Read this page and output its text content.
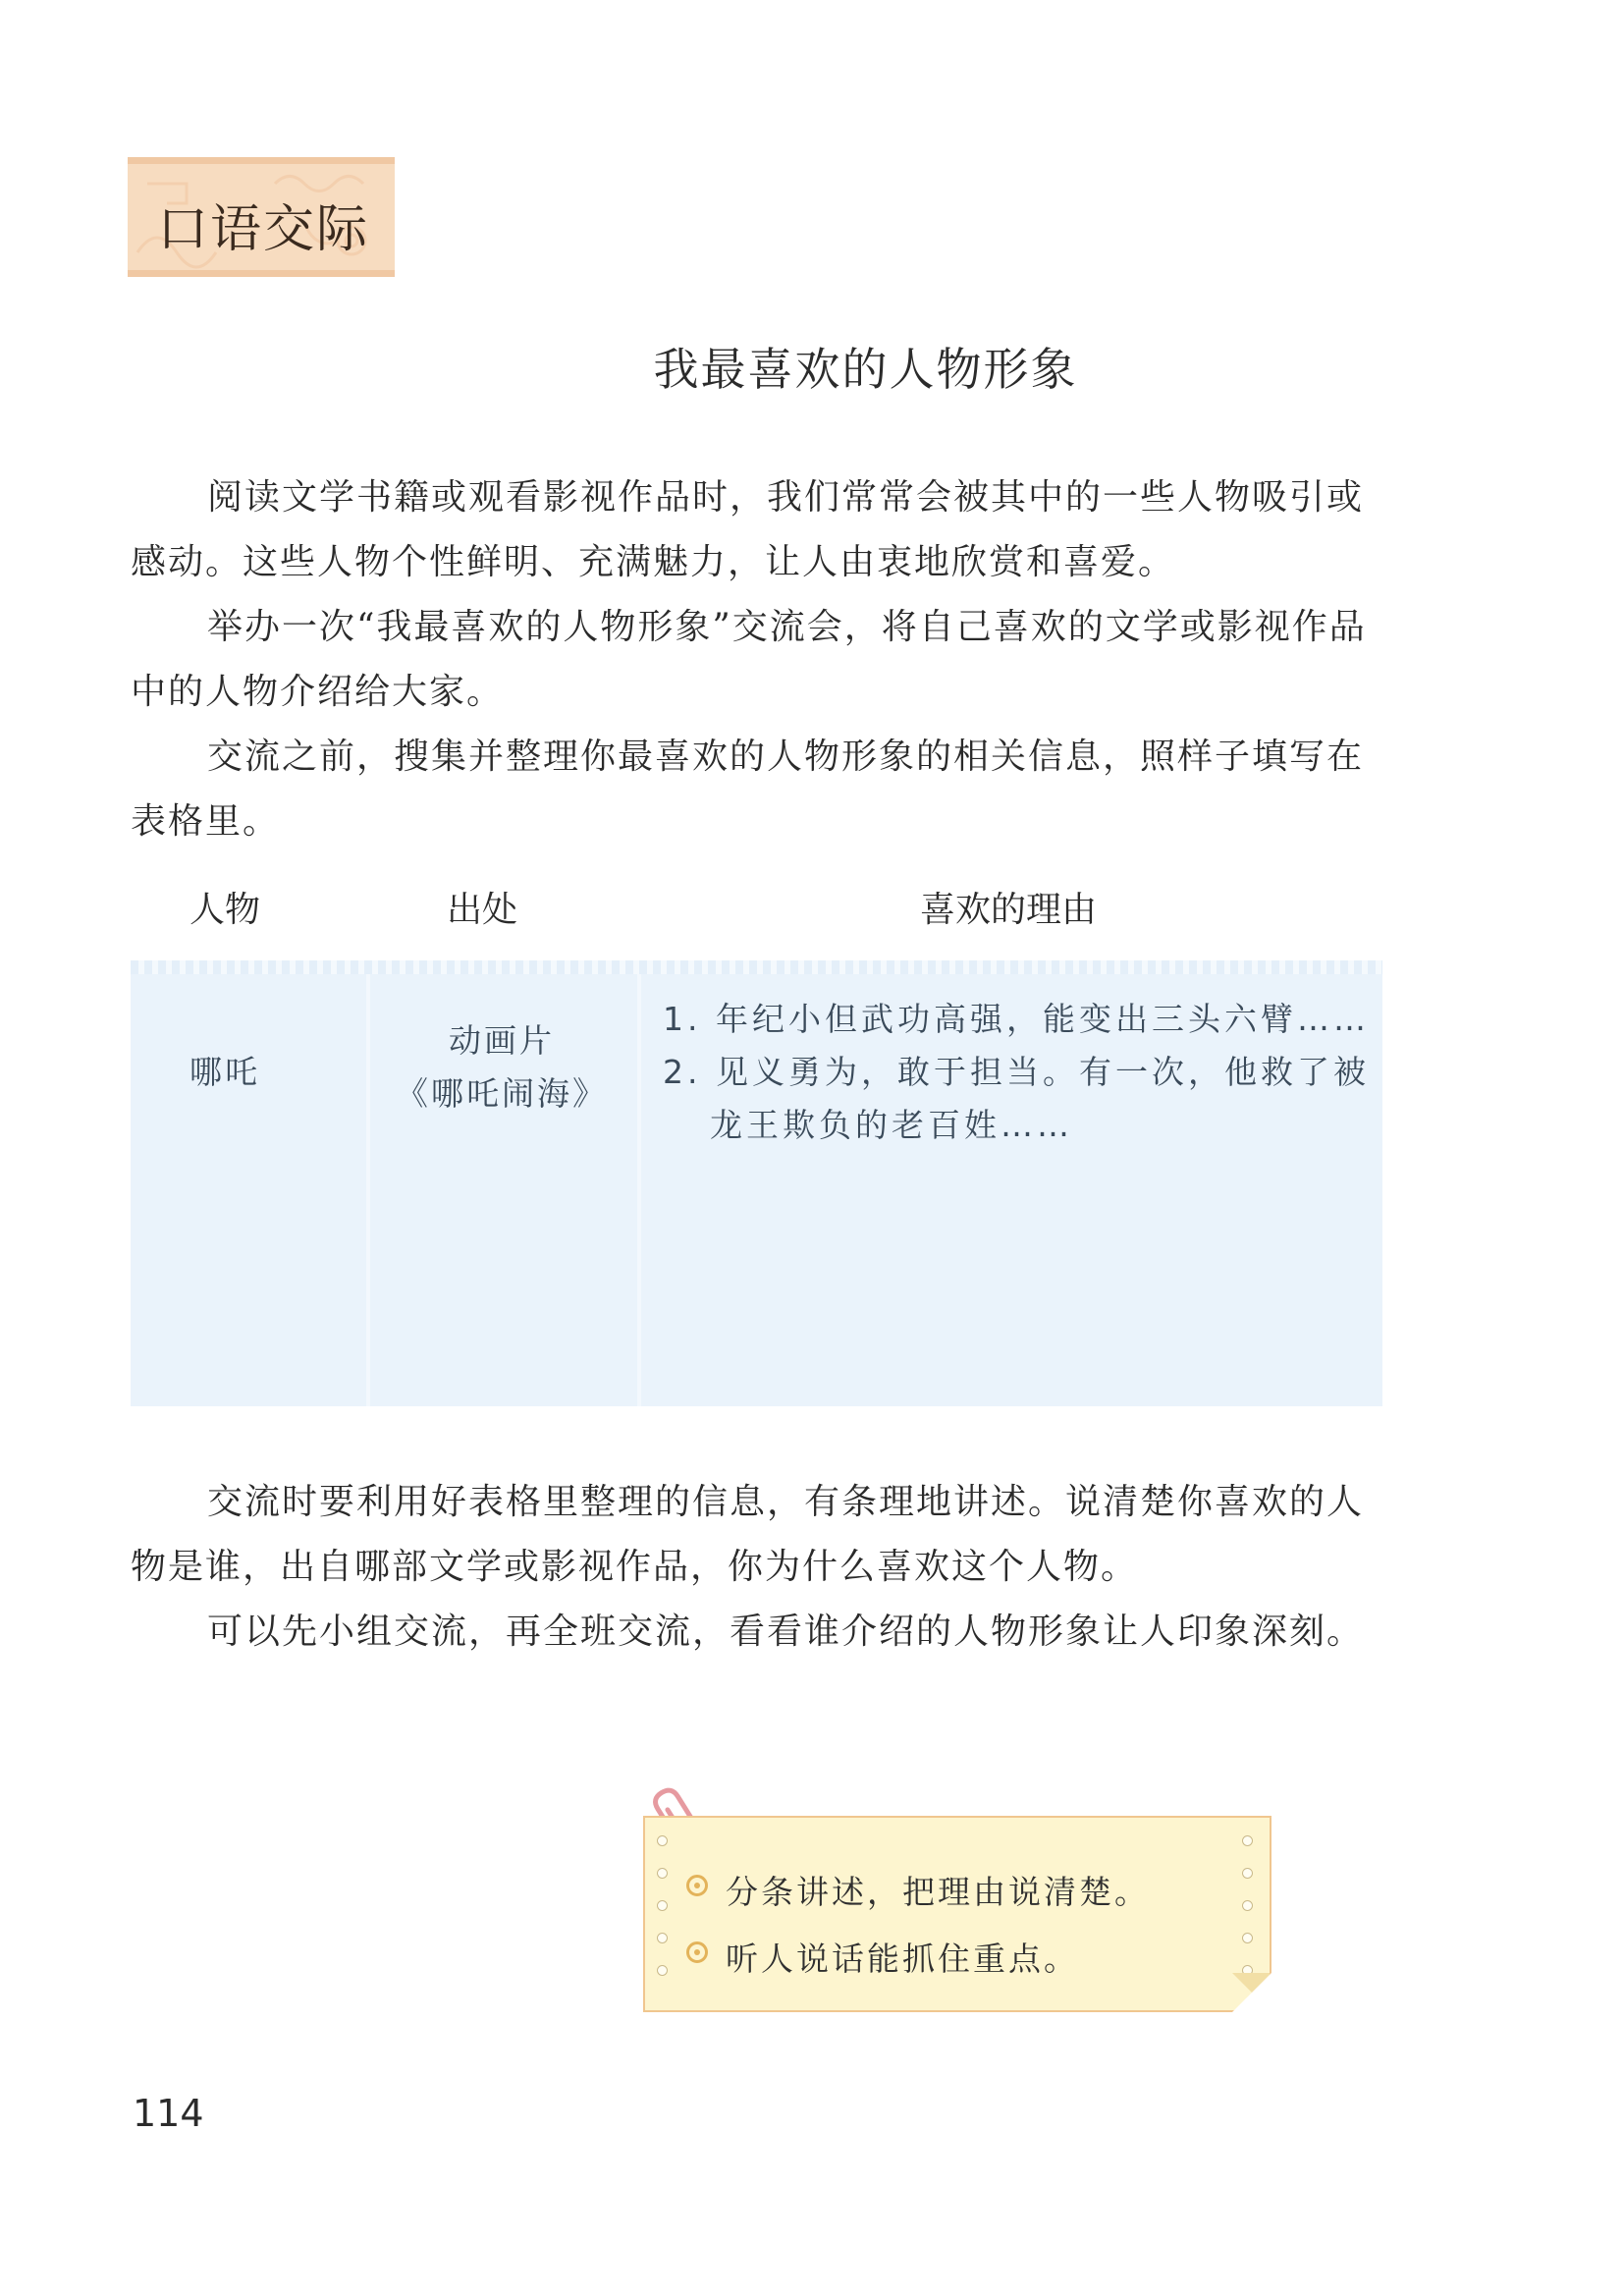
口语交际
我最喜欢的人物形象

阅读文学书籍或观看影视作品时，我们常常会被其中的一些人物吸引或感动。这些人物个性鲜明、充满魅力，让人由衷地欣赏和喜爱。

举办一次“我最喜欢的人物形象”交流会，将自己喜欢的文学或影视作品中的人物介绍给大家。

交流之前，搜集并整理你最喜欢的人物形象的相关信息，照样子填写在表格里。

人物	出处	喜欢的理由
哪吒
动画片
《哪吒闹海》
1. 年纪小但武功高强，能变出三头六臂……
2. 见义勇为，敢于担当。有一次，他救了被
龙王欺负的老百姓……

交流时要利用好表格里整理的信息，有条理地讲述。说清楚你喜欢的人物是谁，出自哪部文学或影视作品，你为什么喜欢这个人物。

可以先小组交流，再全班交流，看看谁介绍的人物形象让人印象深刻。

分条讲述，把理由说清楚。
听人说话能抓住重点。
114
